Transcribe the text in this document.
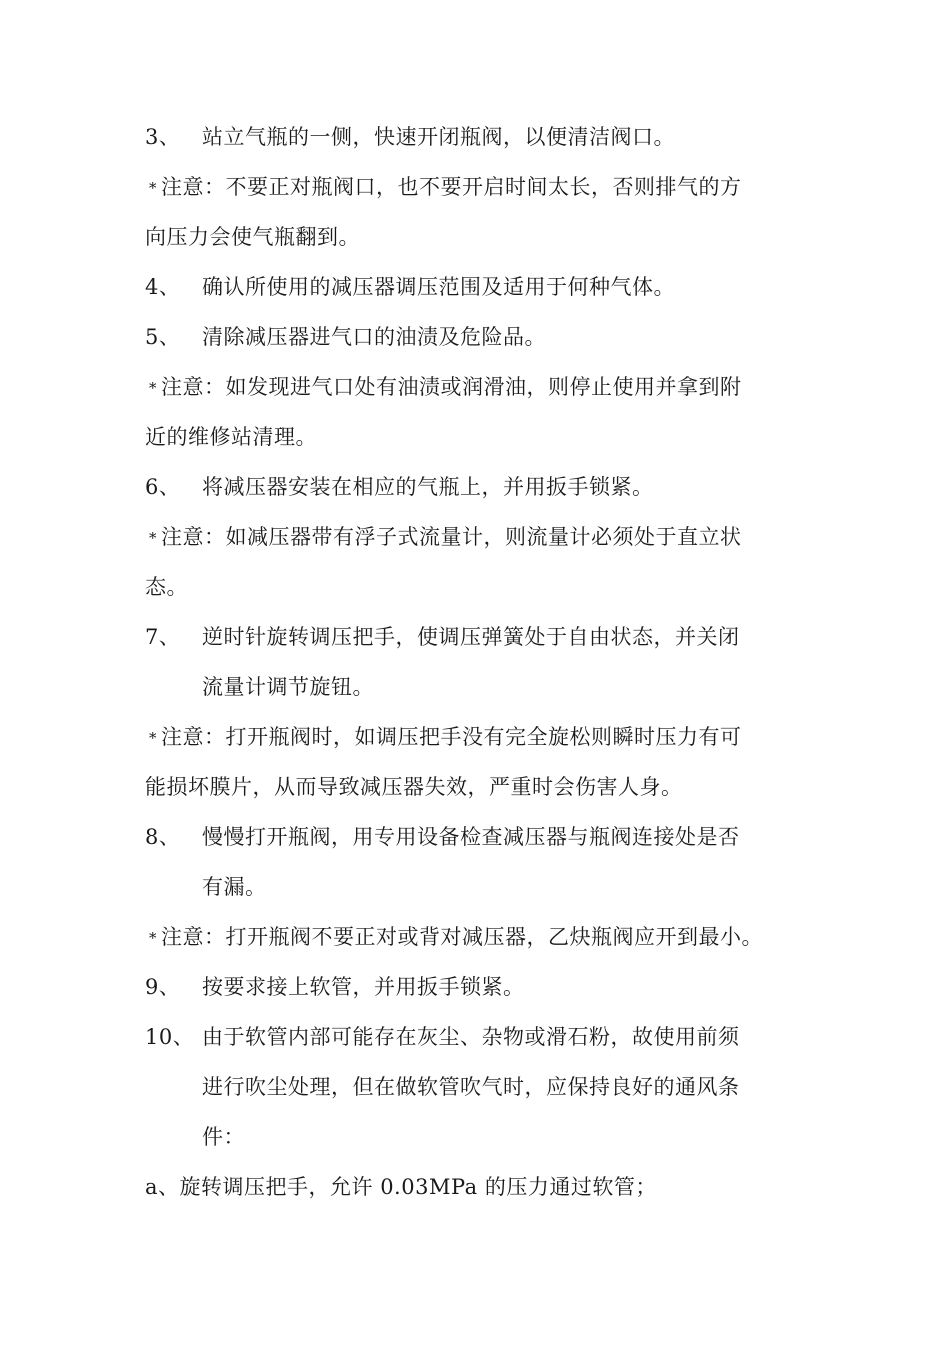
3、	站立气瓶的一侧，快速开闭瓶阀，以便清洁阀口。
* 注意：不要正对瓶阀口，也不要开启时间太长，否则排气的方
向压力会使气瓶翻到。
4、	确认所使用的减压器调压范围及适用于何种气体。
5、	清除减压器进气口的油渍及危险品。
* 注意：如发现进气口处有油渍或润滑油，则停止使用并拿到附
近的维修站清理。
6、	将减压器安装在相应的气瓶上，并用扳手锁紧。
* 注意：如减压器带有浮子式流量计，则流量计必须处于直立状
态。
7、	逆时针旋转调压把手，使调压弹簧处于自由状态，并关闭
流量计调节旋钮。
* 注意：打开瓶阀时，如调压把手没有完全旋松则瞬时压力有可
能损坏膜片，从而导致减压器失效，严重时会伤害人身。
8、	慢慢打开瓶阀，用专用设备检查减压器与瓶阀连接处是否
有漏。
* 注意：打开瓶阀不要正对或背对减压器，乙炔瓶阀应开到最小。
9、	按要求接上软管，并用扳手锁紧。
10、 由于软管内部可能存在灰尘、杂物或滑石粉，故使用前须
进行吹尘处理，但在做软管吹气时，应保持良好的通风条
件：
a、旋转调压把手，允许 0.03MPa 的压力通过软管；
